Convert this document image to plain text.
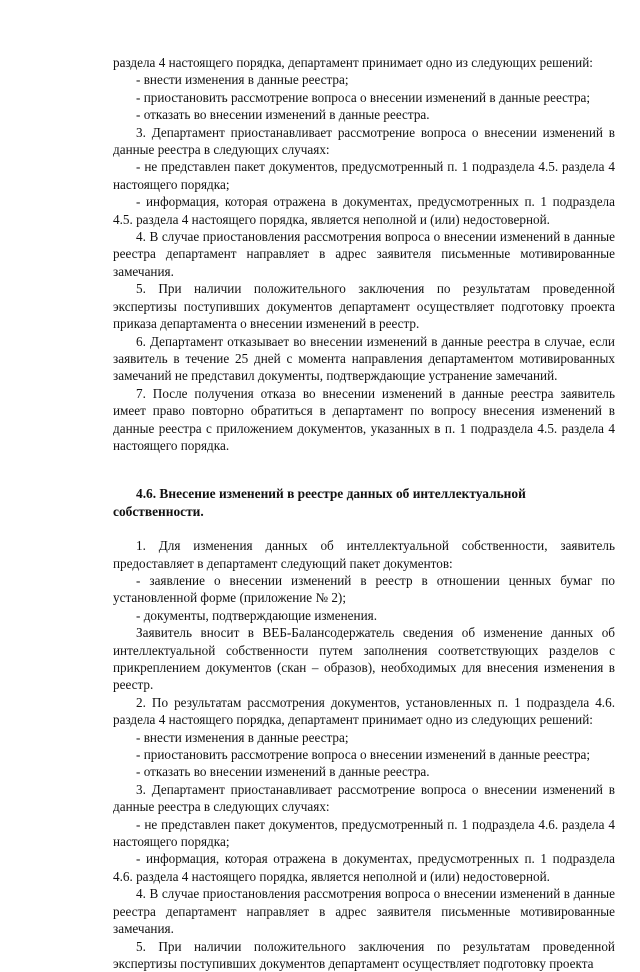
раздела 4 настоящего порядка, департамент принимает одно из следующих решений:

- внести изменения в данные реестра;

- приостановить рассмотрение вопроса о внесении изменений в данные реестра;

- отказать во внесении изменений в данные реестра.

3. Департамент приостанавливает рассмотрение вопроса о внесении изменений в данные реестра в следующих случаях:

- не представлен пакет документов, предусмотренный п. 1 подраздела 4.5. раздела 4 настоящего порядка;

- информация, которая отражена в документах, предусмотренных п. 1 подраздела 4.5. раздела 4 настоящего порядка, является неполной и (или) недостоверной.

4. В случае приостановления рассмотрения вопроса о внесении изменений в данные реестра департамент направляет в адрес заявителя письменные мотивированные замечания.

5. При наличии положительного заключения по результатам проведенной экспертизы поступивших документов департамент осуществляет подготовку проекта приказа департамента о внесении изменений в реестр.

6. Департамент отказывает во внесении изменений в данные реестра в случае, если заявитель в течение 25 дней с момента направления департаментом мотивированных замечаний не представил документы, подтверждающие устранение замечаний.

7. После получения отказа во внесении изменений в данные реестра заявитель имеет право повторно обратиться в департамент по вопросу внесения изменений в данные реестра с приложением документов, указанных в п. 1 подраздела 4.5. раздела 4 настоящего порядка.

4.6. Внесение изменений в реестре данных об интеллектуальной собственности.

1. Для изменения данных об интеллектуальной собственности, заявитель предоставляет в департамент следующий пакет документов:

- заявление о внесении изменений в реестр в отношении ценных бумаг по установленной форме (приложение № 2);

- документы, подтверждающие изменения.

Заявитель вносит в ВЕБ-Балансодержатель сведения об изменение данных об интеллектуальной собственности путем заполнения соответствующих разделов с прикреплением документов (скан – образов), необходимых для внесения изменения в реестр.

2. По результатам рассмотрения документов, установленных п. 1 подраздела 4.6. раздела 4 настоящего порядка, департамент принимает одно из следующих решений:

- внести изменения в данные реестра;

- приостановить рассмотрение вопроса о внесении изменений в данные реестра;

- отказать во внесении изменений в данные реестра.

3. Департамент приостанавливает рассмотрение вопроса о внесении изменений в данные реестра в следующих случаях:

- не представлен пакет документов, предусмотренный п. 1 подраздела 4.6. раздела 4 настоящего порядка;

- информация, которая отражена в документах, предусмотренных п. 1 подраздела 4.6. раздела 4 настоящего порядка, является неполной и (или) недостоверной.

4. В случае приостановления рассмотрения вопроса о внесении изменений в данные реестра департамент направляет в адрес заявителя письменные мотивированные замечания.

5. При наличии положительного заключения по результатам проведенной экспертизы поступивших документов департамент осуществляет подготовку проекта
